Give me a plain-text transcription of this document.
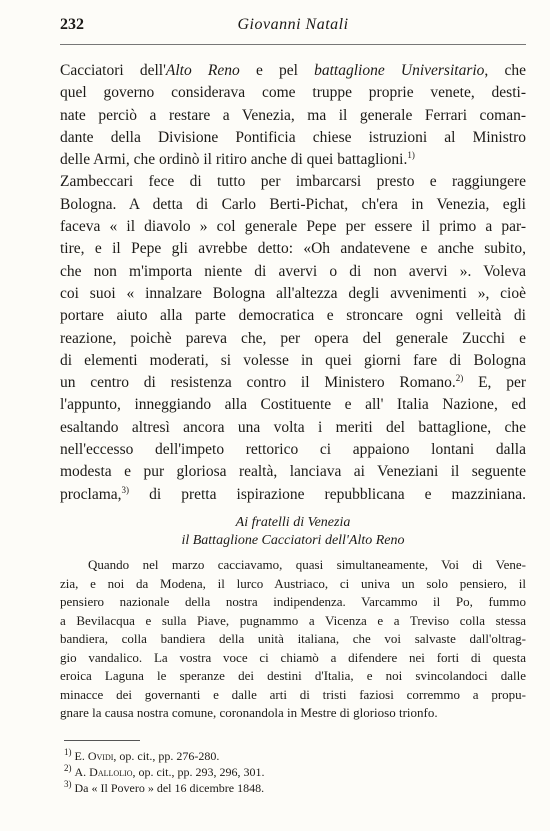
232	Giovanni Natali
Cacciatori dell'Alto Reno e pel battaglione Universitario, che
quel governo considerava come truppe proprie venete, desti-
nate perciò a restare a Venezia, ma il generale Ferrari coman-
dante della Divisione Pontificia chiese istruzioni al Ministro
delle Armi, che ordinò il ritiro anche di quei battaglioni.$^{1)}$
Zambeccari fece di tutto per imbarcarsi presto e raggiungere
Bologna. A detta di Carlo Berti-Pichat, ch'era in Venezia, egli
faceva « il diavolo » col generale Pepe per essere il primo a par-
tire, e il Pepe gli avrebbe detto: «Oh andatevene e anche subito,
che non m'importa niente di avervi o di non avervi ». Voleva
coi suoi « innalzare Bologna all'altezza degli avvenimenti », cioè
portare aiuto alla parte democratica e stroncare ogni velleità di
reazione, poichè pareva che, per opera del generale Zucchi e
di elementi moderati, si volesse in quei giorni fare di Bologna
un centro di resistenza contro il Ministero Romano.$^{2)}$ E, per
l'appunto, inneggiando alla Costituente e all' Italia Nazione, ed
esaltando altresì ancora una volta i meriti del battaglione, che
nell'eccesso dell'impeto rettorico ci appaiono lontani dalla
modesta e pur gloriosa realtà, lanciava ai Veneziani il seguente
proclama,$^{3)}$ di pretta ispirazione repubblicana e mazziniana.
Ai fratelli di Venezia
il Battaglione Cacciatori dell'Alto Reno
Quando nel marzo cacciavamo, quasi simultaneamente, Voi di Vene-
zia, e noi da Modena, il lurco Austriaco, ci univa un solo pensiero, il
pensiero nazionale della nostra indipendenza. Varcammo il Po, fummo
a Bevilacqua e sulla Piave, pugnammo a Vicenza e a Treviso colla stessa
bandiera, colla bandiera della unità italiana, che voi salvaste dall'oltrag-
gio vandalico. La vostra voce ci chiamò a difendere nei forti di questa
eroica Laguna le speranze dei destini d'Italia, e noi svincolandoci dalle
minacce dei governanti e dalle arti di tristi faziosi corremmo a propu-
gnare la causa nostra comune, coronandola in Mestre di glorioso trionfo.
$^{1)}$ E. Ovidi, op. cit., pp. 276-280.
$^{2)}$ A. Dallolio, op. cit., pp. 293, 296, 301.
$^{3)}$ Da « Il Povero » del 16 dicembre 1848.
